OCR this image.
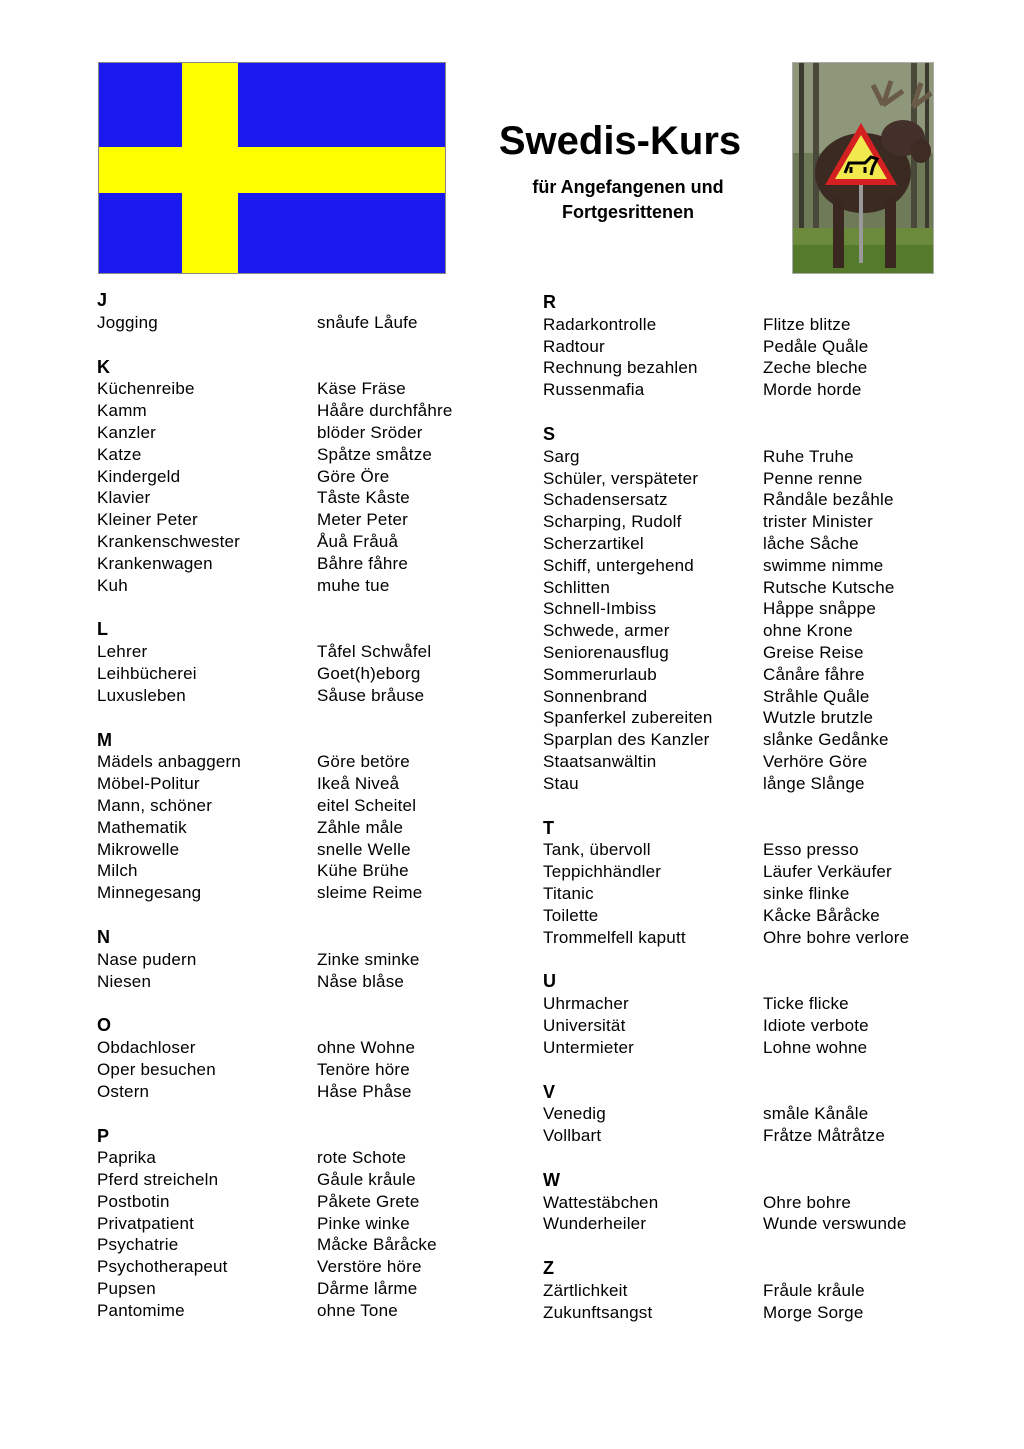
Swedis-Kurs
für Angefangenen und
Fortgesrittenen
J
Jogging	snåufe Låufe
K
Küchenreibe	Käse Fräse
Kamm	Hååre durchfåhre
Kanzler	blöder Sröder
Katze	Spåtze småtze
Kindergeld	Göre Öre
Klavier	Tåste Kåste
Kleiner Peter	Meter Peter
Krankenschwester	Åuå Fråuå
Krankenwagen	Båhre fåhre
Kuh	muhe tue
L
Lehrer	Tåfel Schwåfel
Leihbücherei	Goet(h)eborg
Luxusleben	Såuse bråuse
M
Mädels anbaggern	Göre betöre
Möbel-Politur	Ikeå Niveå
Mann, schöner	eitel Scheitel
Mathematik	Zåhle måle
Mikrowelle	snelle Welle
Milch	Kühe Brühe
Minnegesang	sleime Reime
N
Nase pudern	Zinke sminke
Niesen	Nåse blåse
O
Obdachloser	ohne Wohne
Oper besuchen	Tenöre höre
Ostern	Håse Phåse
P
Paprika	rote Schote
Pferd streicheln	Gåule kråule
Postbotin	Påkete Grete
Privatpatient	Pinke winke
Psychatrie	Måcke Båråcke
Psychotherapeut	Verstöre höre
Pupsen	Dårme lårme
Pantomime	ohne Tone
R
Radarkontrolle	Flitze blitze
Radtour	Pedåle Quåle
Rechnung bezahlen	Zeche bleche
Russenmafia	Morde horde
S
Sarg	Ruhe Truhe
Schüler, verspäteter	Penne renne
Schadensersatz	Råndåle bezåhle
Scharping, Rudolf	trister Minister
Scherzartikel	låche Såche
Schiff, untergehend	swimme nimme
Schlitten	Rutsche Kutsche
Schnell-Imbiss	Håppe snåppe
Schwede, armer	ohne Krone
Seniorenausflug	Greise Reise
Sommerurlaub	Cånåre fåhre
Sonnenbrand	Stråhle Quåle
Spanferkel zubereiten	Wutzle brutzle
Sparplan des Kanzler	slånke Gedånke
Staatsanwältin	Verhöre Göre
Stau	långe Slånge
T
Tank, übervoll	Esso presso
Teppichhändler	Läufer Verkäufer
Titanic	sinke flinke
Toilette	Kåcke Båråcke
Trommelfell kaputt	Ohre bohre verlore
U
Uhrmacher	Ticke flicke
Universität	Idiote verbote
Untermieter	Lohne wohne
V
Venedig	småle Kånåle
Vollbart	Fråtze Måtråtze
W
Wattestäbchen	Ohre bohre
Wunderheiler	Wunde verswunde
Z
Zärtlichkeit	Fråule kråule
Zukunftsangst	Morge Sorge
